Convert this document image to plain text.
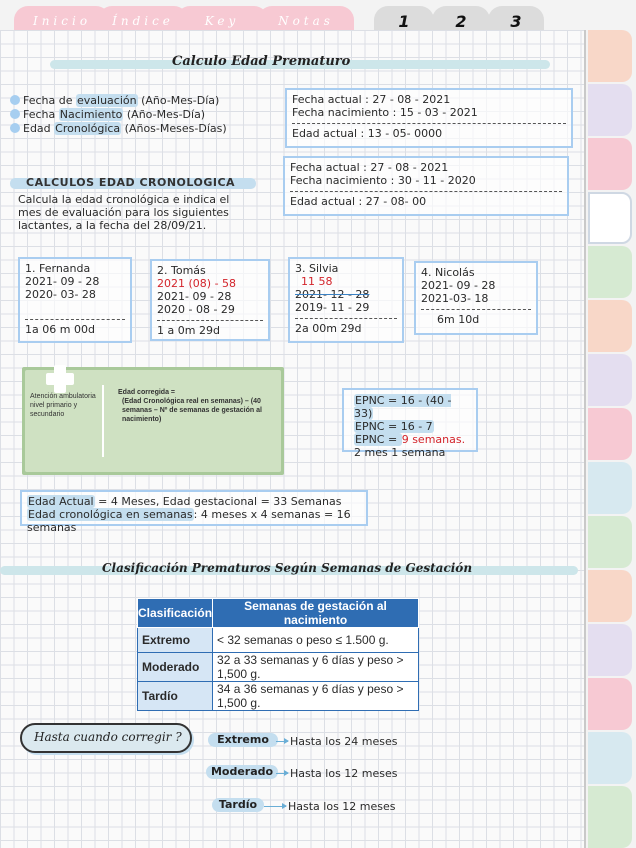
Inicio	Índice	Key	Notas	1	2	3
Calculo Edad Prematuro
Fecha de evaluación (Año-Mes-Día)
Fecha Nacimiento (Año-Mes-Día)
Edad Cronológica (Años-Meses-Días)
Fecha actual : 27 - 08 - 2021
Fecha nacimiento : 15 - 03 - 2021
Edad actual : 13 - 05- 0000
Fecha actual : 27 - 08 - 2021
Fecha nacimiento : 30 - 11 - 2020
Edad actual : 27 - 08- 00
CALCULOS EDAD CRONOLOGICA
Calcula la edad cronológica e indica el mes de evaluación para los siguientes lactantes, a la fecha del 28/09/21.
1. Fernanda
2021- 09 - 28
2020- 03- 28
1a 06 m 00d
2. Tomás
2021 (08) - 58
2021- 09 - 28
2020 - 08 - 29
1 a 0m 29d
3. Silvia
11 58
2021- 12 - 28
2019- 11 - 29
2a 00m 29d
4. Nicolás
2021- 09 - 28
2021-03- 18
6m 10d
Atención ambulatoria nivel primario y secundario
Edad corregida =
(Edad Cronológica real en semanas) – (40 semanas – Nº de semanas de gestación al nacimiento)
EPNC = 16 - (40 - 33)
EPNC = 16 - 7
EPNC = 9 semanas.
2 mes 1 semana
Edad Actual = 4 Meses, Edad gestacional = 33 Semanas
Edad cronológica en semanas: 4 meses x 4 semanas = 16 semanas
Clasificación Prematuros Según Semanas de Gestación
Clasificación	Semanas de gestación al nacimiento
Extremo	< 32 semanas o peso ≤ 1.500 g.
Moderado	32 a 33 semanas y 6 días y peso > 1,500 g.
Tardío	34 a 36 semanas y 6 días y peso > 1,500 g.
Hasta cuando corregir ?	Extremo	Hasta los 24 meses
Moderado	Hasta los 12 meses
Tardío	Hasta los 12 meses
